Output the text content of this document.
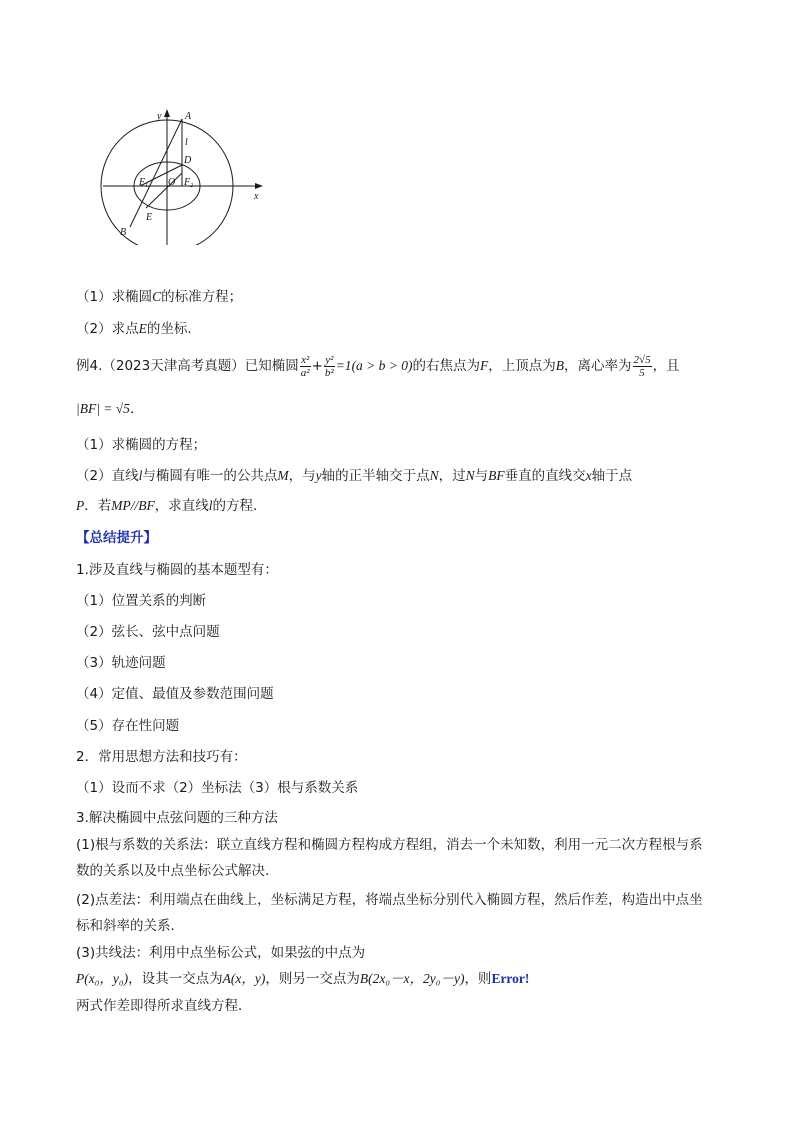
y A
l
D
$F_1$ O $F_2$
x
E
B
（1）求椭圆C的标准方程；
（2）求点E的坐标．
例4.（2023天津高考真题）已知椭圆 $\frac{\text{x²}}{\text{a²}} + \frac{\text{y²}}{\text{b²}} =1(a > b > 0)$的右焦点为F，上顶点为B，离心率为 $\frac{2√5}{5}$ ，且
|BF| = √5．
（1）求椭圆的方程；
（2）直线l与椭圆有唯一的公共点M，与y轴的正半轴交于点N，过N与BF垂直的直线交x轴于点
P．若MP//BF，求直线l的方程．
【总结提升】
1.涉及直线与椭圆的基本题型有：
（1）位置关系的判断
（2）弦长、弦中点问题
（3）轨迹问题
（4）定值、最值及参数范围问题
（5）存在性问题
2．常用思想方法和技巧有：
（1）设而不求（2）坐标法（3）根与系数关系
3.解决椭圆中点弦问题的三种方法
(1)根与系数的关系法：联立直线方程和椭圆方程构成方程组，消去一个未知数，利用一元二次方程根与系
数的关系以及中点坐标公式解决．
(2)点差法：利用端点在曲线上，坐标满足方程，将端点坐标分别代入椭圆方程，然后作差，构造出中点坐
标和斜率的关系．
(3)共线法：利用中点坐标公式，如果弦的中点为
P(x₀，y₀)，设其一交点为A(x，y)，则另一交点为B(2x₀－x，2y₀－y)，则Error!
两式作差即得所求直线方程．
